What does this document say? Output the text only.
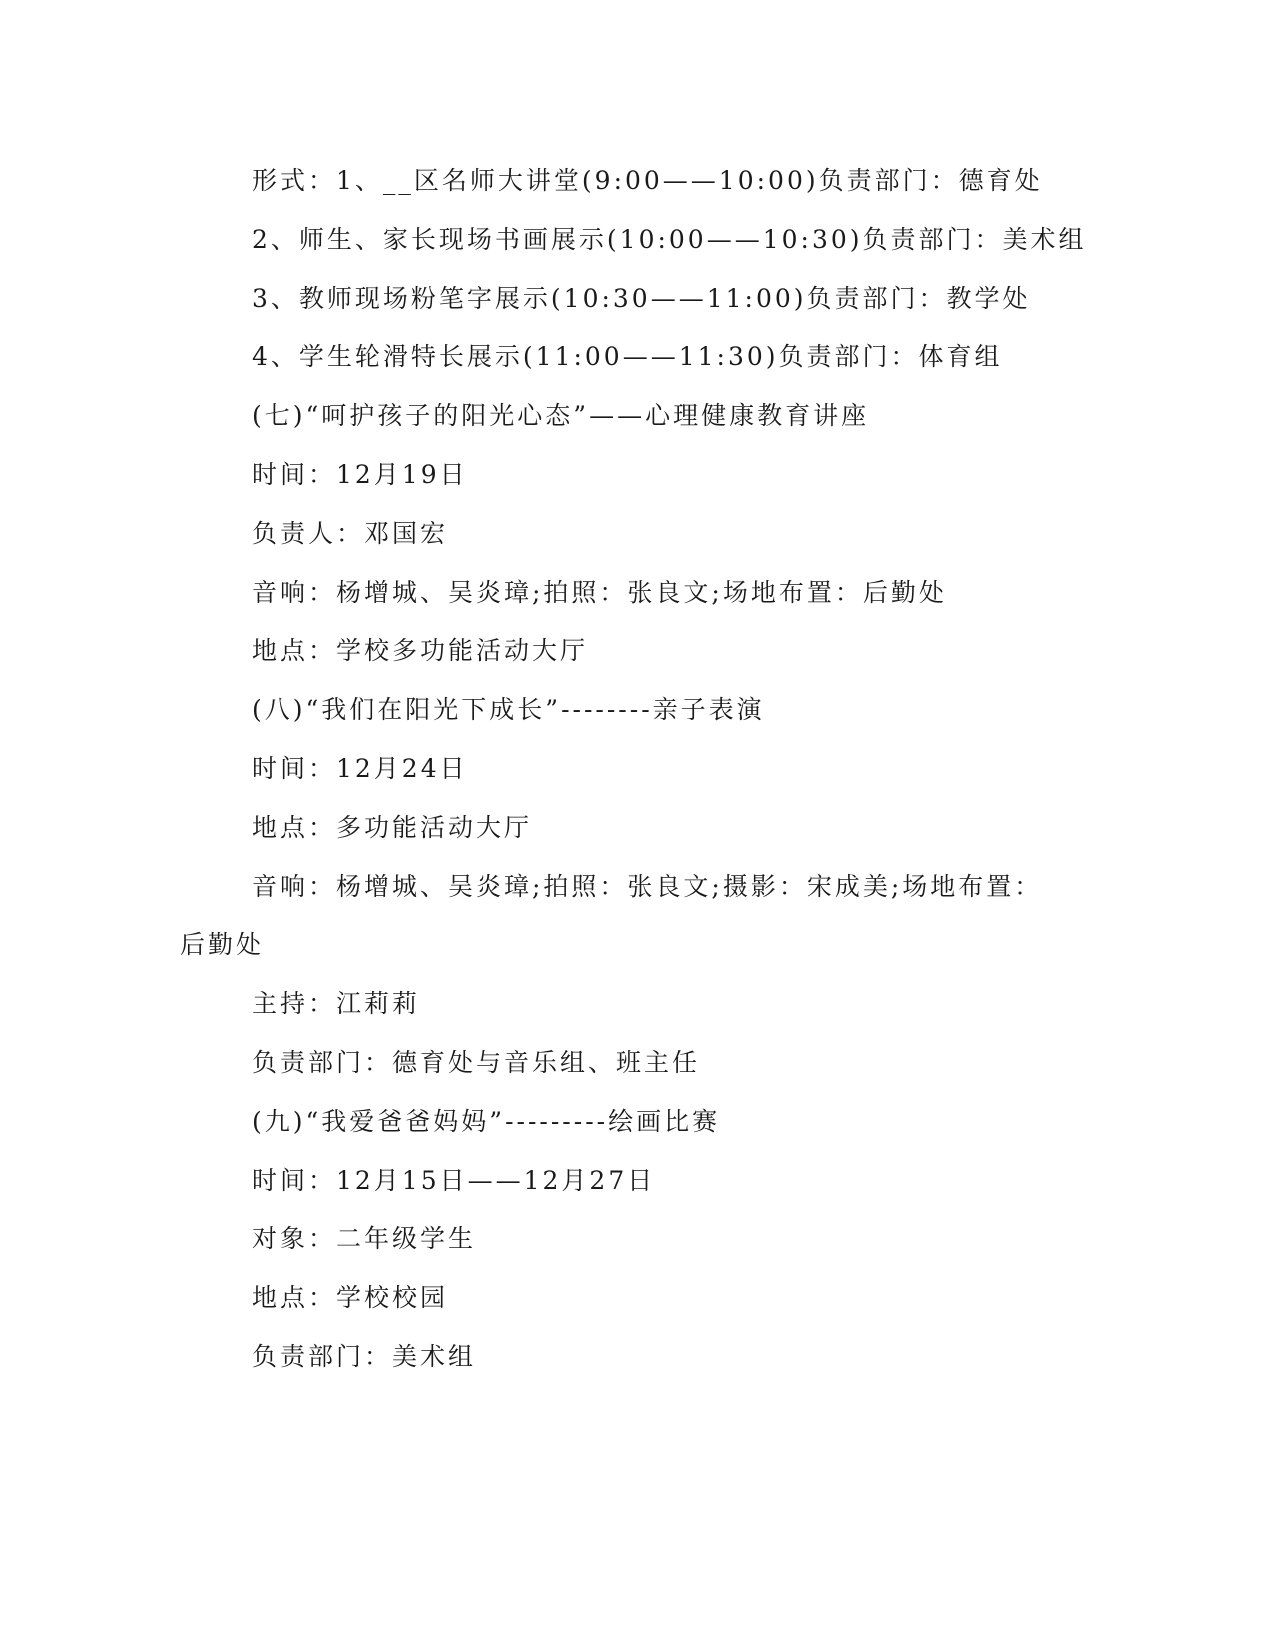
形式：1、__区名师大讲堂(9:00——10:00)负责部门：德育处
2、师生、家长现场书画展示(10:00——10:30)负责部门：美术组
3、教师现场粉笔字展示(10:30——11:00)负责部门：教学处
4、学生轮滑特长展示(11:00——11:30)负责部门：体育组
(七)“呵护孩子的阳光心态”——心理健康教育讲座
时间：12月19日
负责人：邓国宏
音响：杨增城、吴炎璋;拍照：张良文;场地布置：后勤处
地点：学校多功能活动大厅
(八)“我们在阳光下成长”--------亲子表演
时间：12月24日
地点：多功能活动大厅
音响：杨增城、吴炎璋;拍照：张良文;摄影：宋成美;场地布置：
后勤处
主持：江莉莉
负责部门：德育处与音乐组、班主任
(九)“我爱爸爸妈妈”---------绘画比赛
时间：12月15日——12月27日
对象：二年级学生
地点：学校校园
负责部门：美术组
